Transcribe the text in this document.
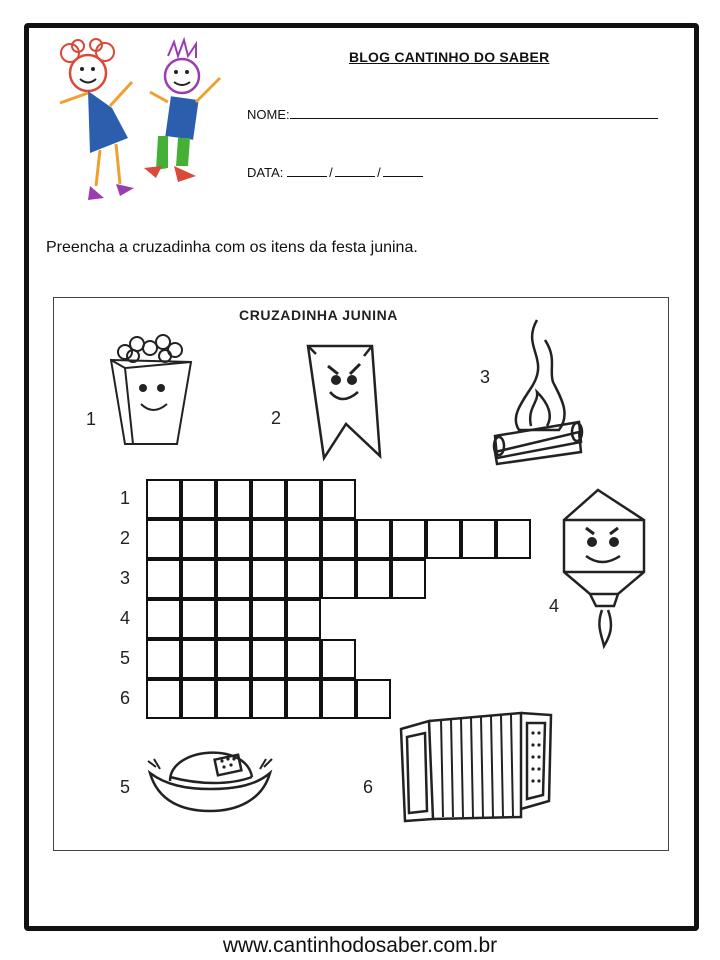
BLOG CANTINHO DO SABER
NOME:
DATA:	/	/
Preencha a cruzadinha com os itens da festa junina.
CRUZADINHA JUNINA
1	2
3
4
5	6
1
2
3
4
5
6
www.cantinhodosaber.com.br
